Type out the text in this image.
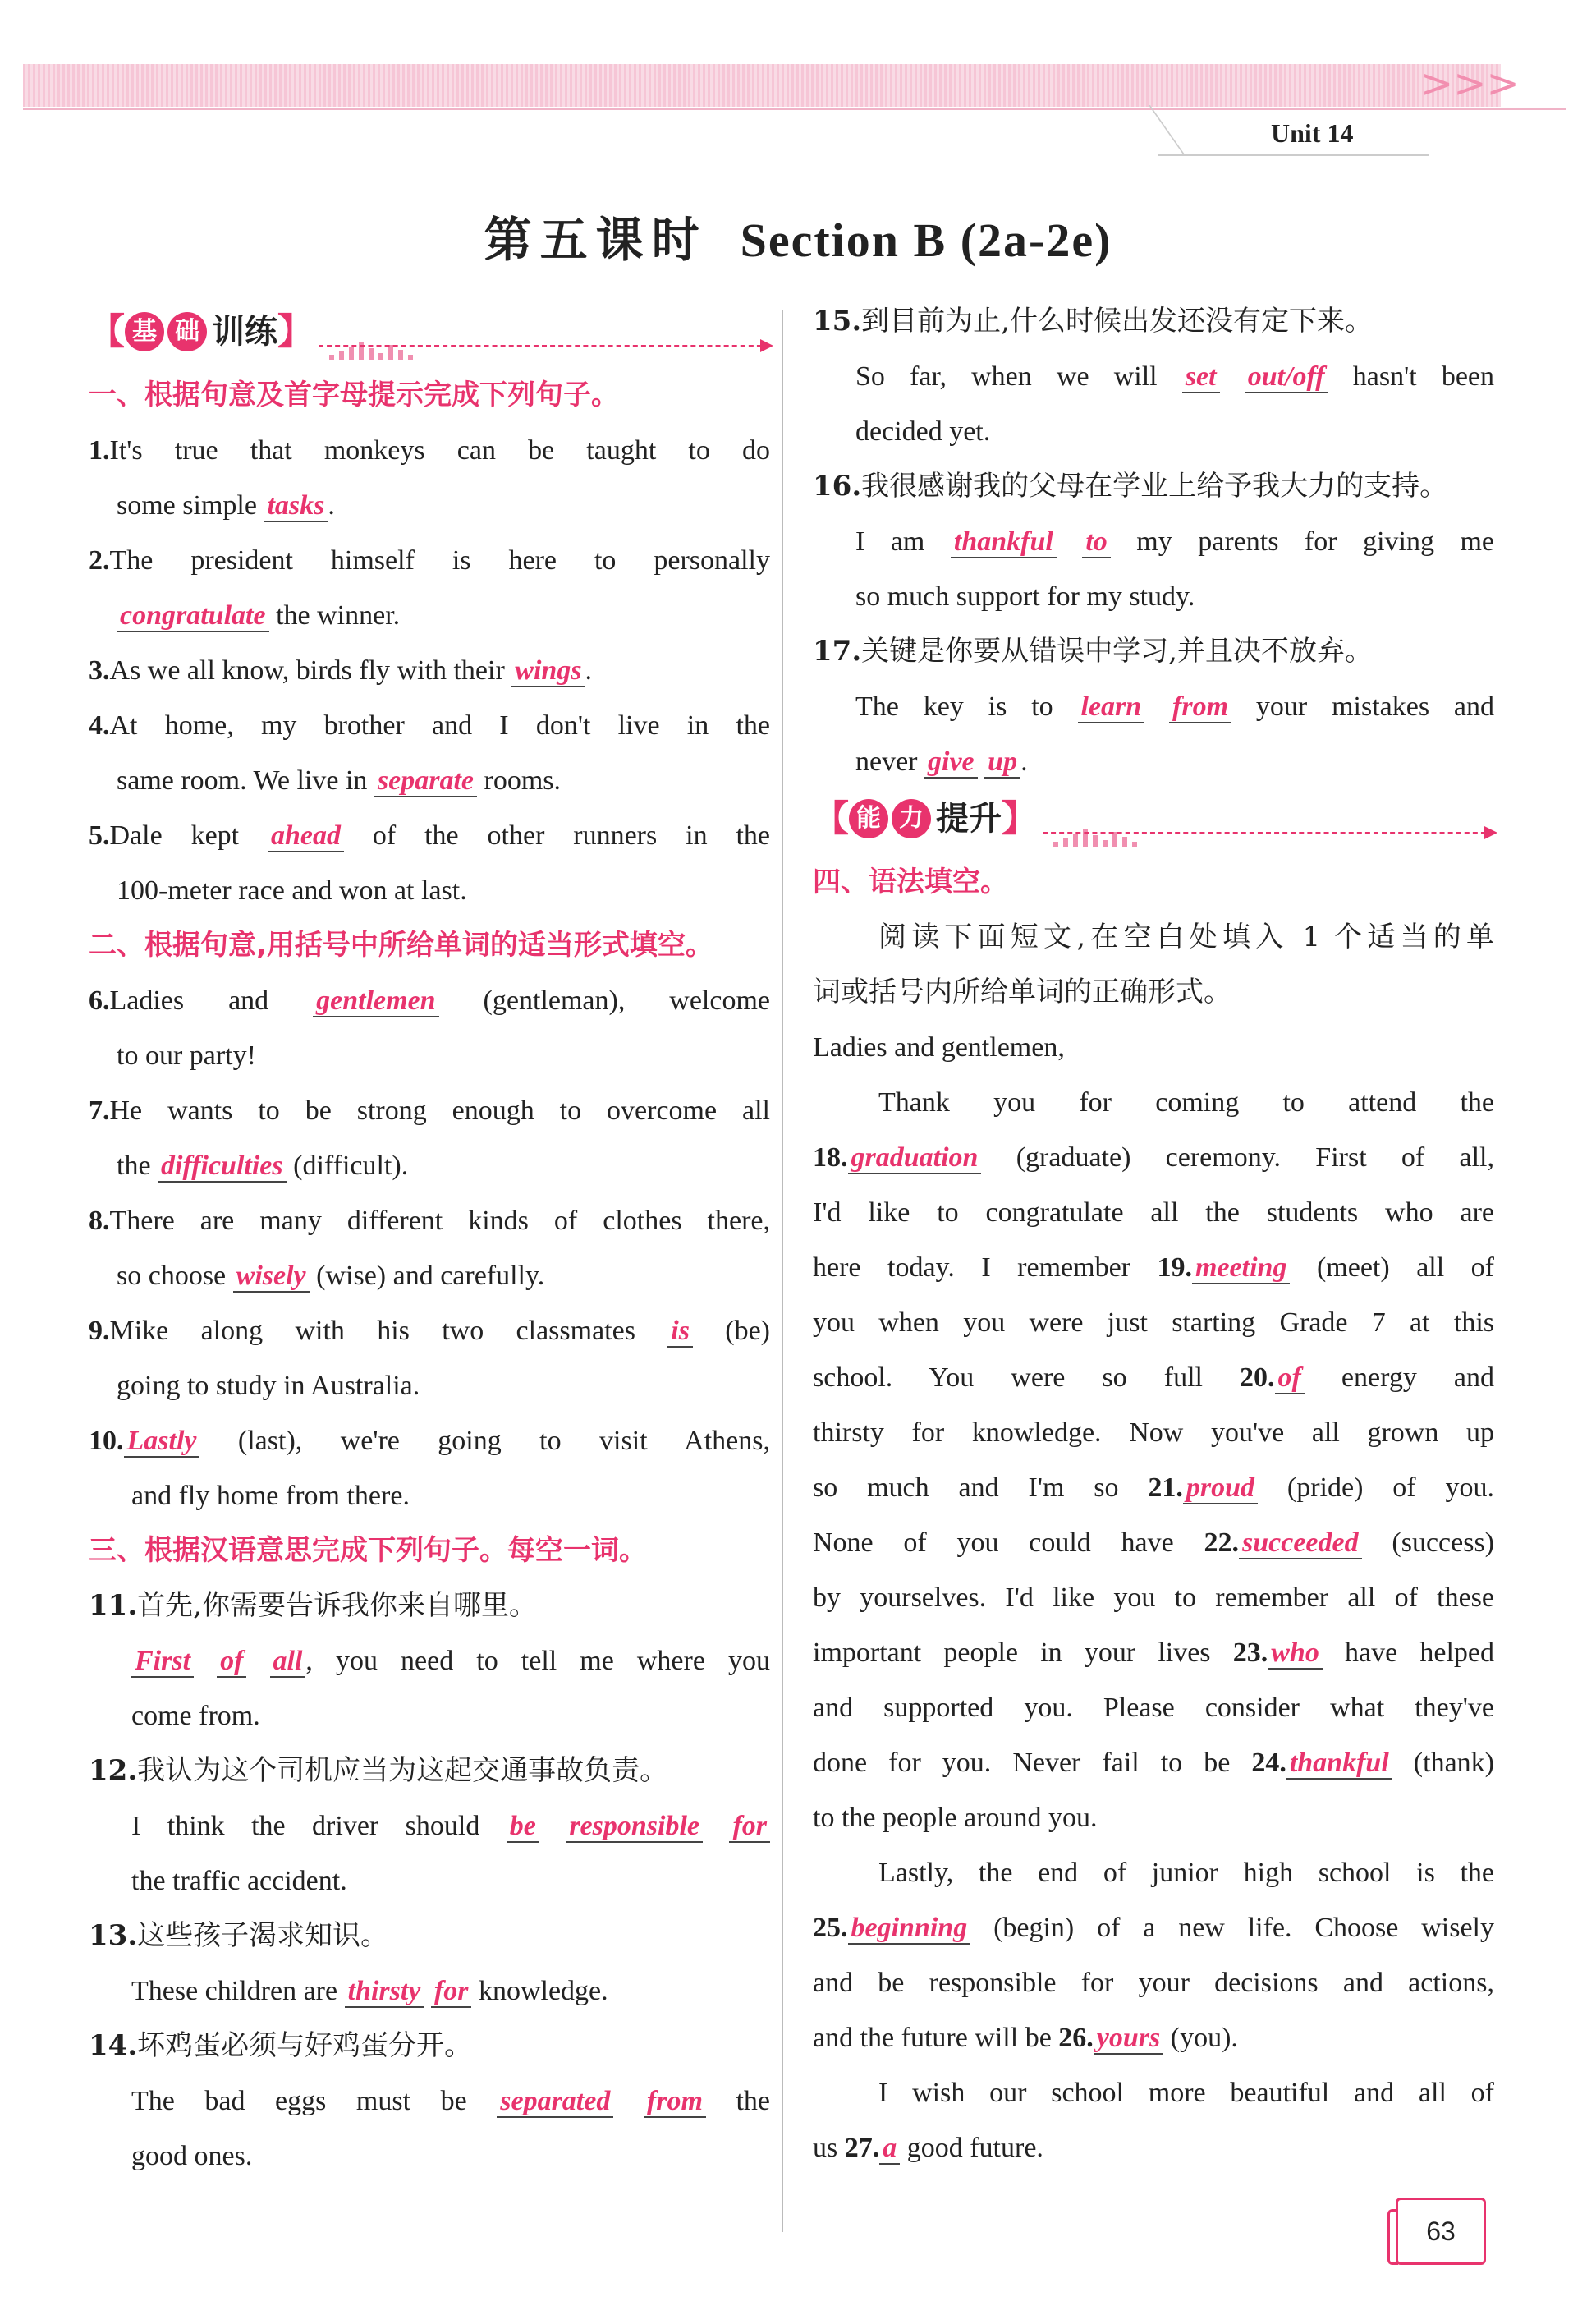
>>>
Unit 14
第五课时 Section B (2a-2e)
【 基 础 训练】

一、根据句意及首字母提示完成下列句子。

1.It's true that monkeys can be taught to do

some simple tasks .

2.The president himself is here to personally

congratulate the winner.

3.As we all know, birds fly with their wings .

4.At home, my brother and I don't live in the

same room. We live in separate rooms.

5.Dale kept ahead of the other runners in the

100-meter race and won at last.

二、根据句意,用括号中所给单词的适当形式填空。

6.Ladies and gentlemen (gentleman), welcome

to our party!

7.He wants to be strong enough to overcome all

the difficulties (difficult).

8.There are many different kinds of clothes there,

so choose wisely (wise) and carefully.

9.Mike along with his two classmates is (be)

going to study in Australia.

10. Lastly (last), we're going to visit Athens,

and fly home from there.

三、根据汉语意思完成下列句子。每空一词。

11.首先,你需要告诉我你来自哪里。

First of all , you need to tell me where you

come from.

12.我认为这个司机应当为这起交通事故负责。

I think the driver should be responsible for

the traffic accident.

13.这些孩子渴求知识。

These children are thirsty for knowledge.

14.坏鸡蛋必须与好鸡蛋分开。

The bad eggs must be separated from the

good ones.

15.到目前为止,什么时候出发还没有定下来。

So far, when we will set out/off hasn't been

decided yet.

16.我很感谢我的父母在学业上给予我大力的支持。

I am thankful to my parents for giving me

so much support for my study.

17.关键是你要从错误中学习,并且决不放弃。

The key is to learn from your mistakes and

never give up .

【 能 力 提升】

四、语法填空。

阅读下面短文,在空白处填入 1 个适当的单

词或括号内所给单词的正确形式。

Ladies and gentlemen,

Thank you for coming to attend the

18. graduation (graduate) ceremony. First of all,

I'd like to congratulate all the students who are

here today. I remember 19. meeting (meet) all of

you when you were just starting Grade 7 at this

school. You were so full 20. of energy and

thirsty for knowledge. Now you've all grown up

so much and I'm so 21. proud (pride) of you.

None of you could have 22. succeeded (success)

by yourselves. I'd like you to remember all of these

important people in your lives 23. who have helped

and supported you. Please consider what they've

done for you. Never fail to be 24. thankful (thank)

to the people around you.

Lastly, the end of junior high school is the

25. beginning (begin) of a new life. Choose wisely

and be responsible for your decisions and actions,

and the future will be 26. yours (you).

I wish our school more beautiful and all of

us 27. a good future.

63
